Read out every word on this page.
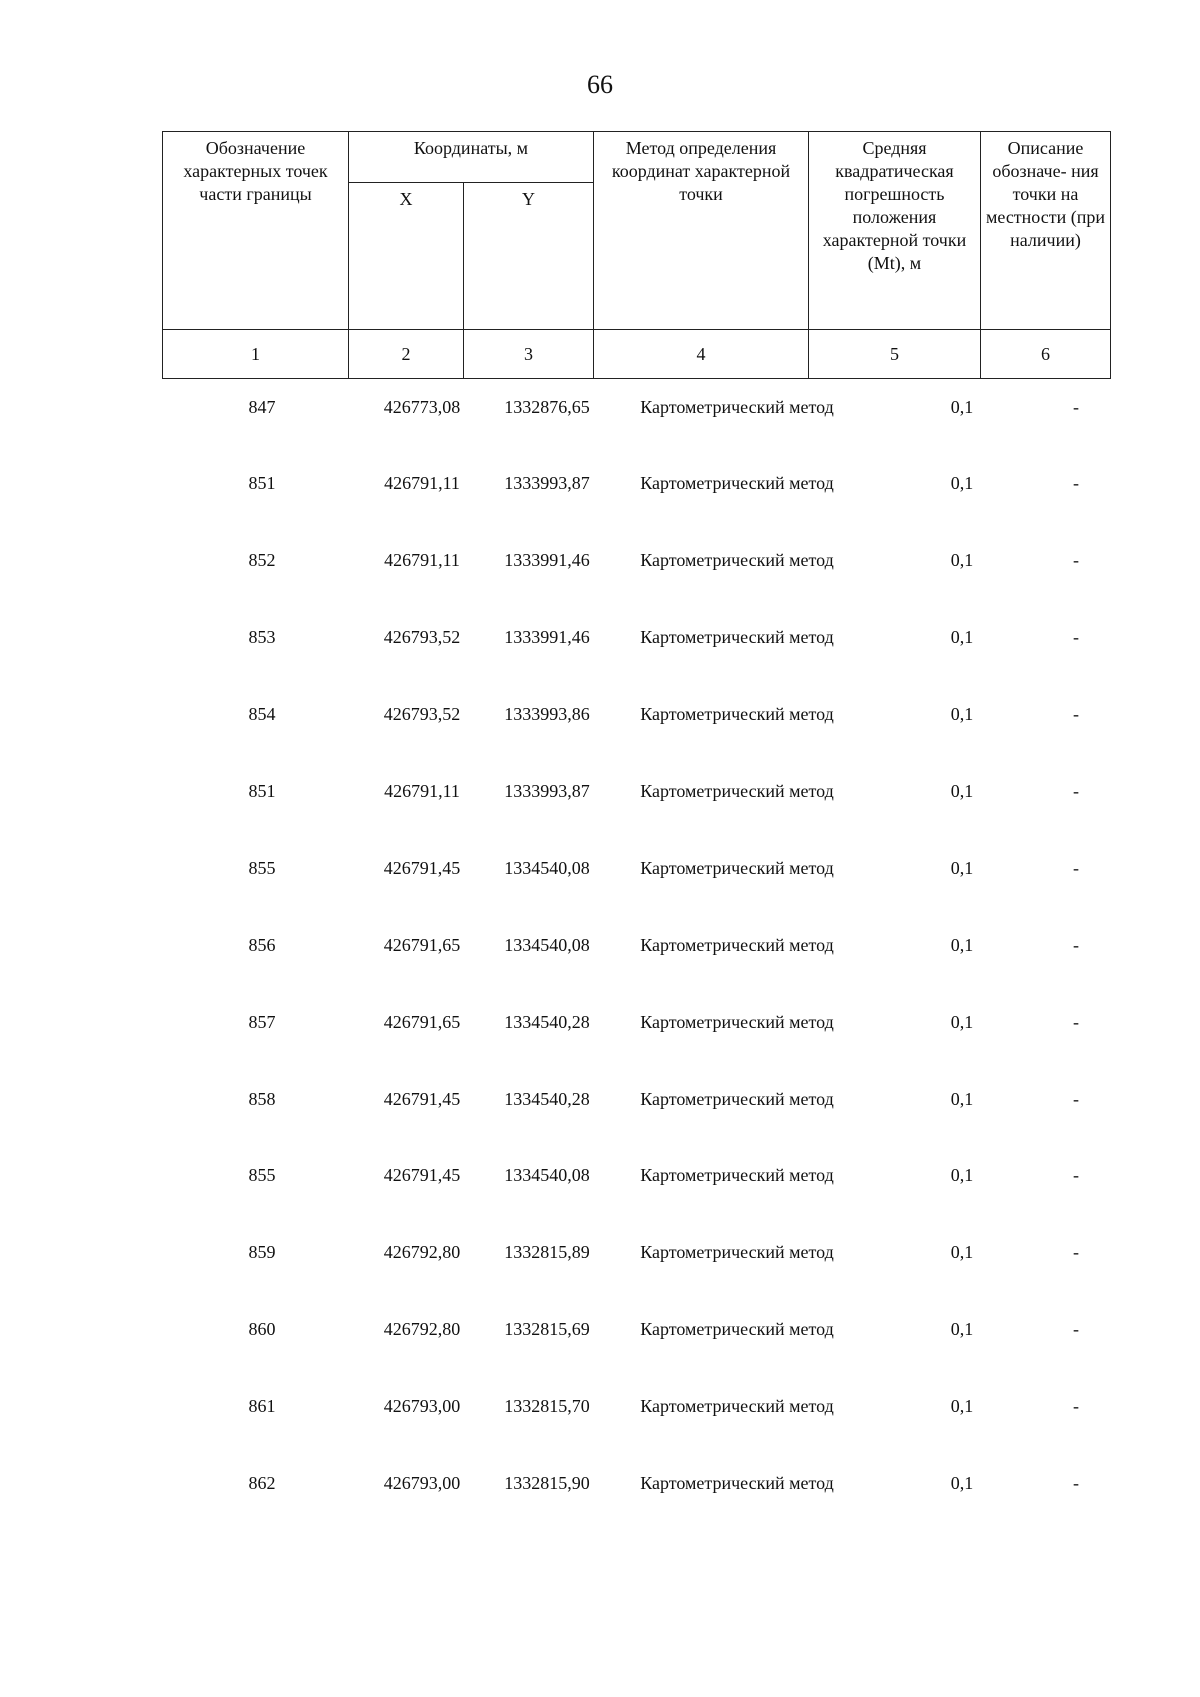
66
Обозначение характерных точек части границы	Координаты, м		Метод определения координат характерной точки	Средняя квадратическая погрешность положения характерной точки (Mt), м	Описание обозначе- ния точки на местности (при наличии)
	X	Y			
1	2	3	4	5	6
847	426773,08	1332876,65	Картометрический метод	0,1	-
851	426791,11	1333993,87	Картометрический метод	0,1	-
852	426791,11	1333991,46	Картометрический метод	0,1	-
853	426793,52	1333991,46	Картометрический метод	0,1	-
854	426793,52	1333993,86	Картометрический метод	0,1	-
851	426791,11	1333993,87	Картометрический метод	0,1	-
855	426791,45	1334540,08	Картометрический метод	0,1	-
856	426791,65	1334540,08	Картометрический метод	0,1	-
857	426791,65	1334540,28	Картометрический метод	0,1	-
858	426791,45	1334540,28	Картометрический метод	0,1	-
855	426791,45	1334540,08	Картометрический метод	0,1	-
859	426792,80	1332815,89	Картометрический метод	0,1	-
860	426792,80	1332815,69	Картометрический метод	0,1	-
861	426793,00	1332815,70	Картометрический метод	0,1	-
862	426793,00	1332815,90	Картометрический метод	0,1	-
